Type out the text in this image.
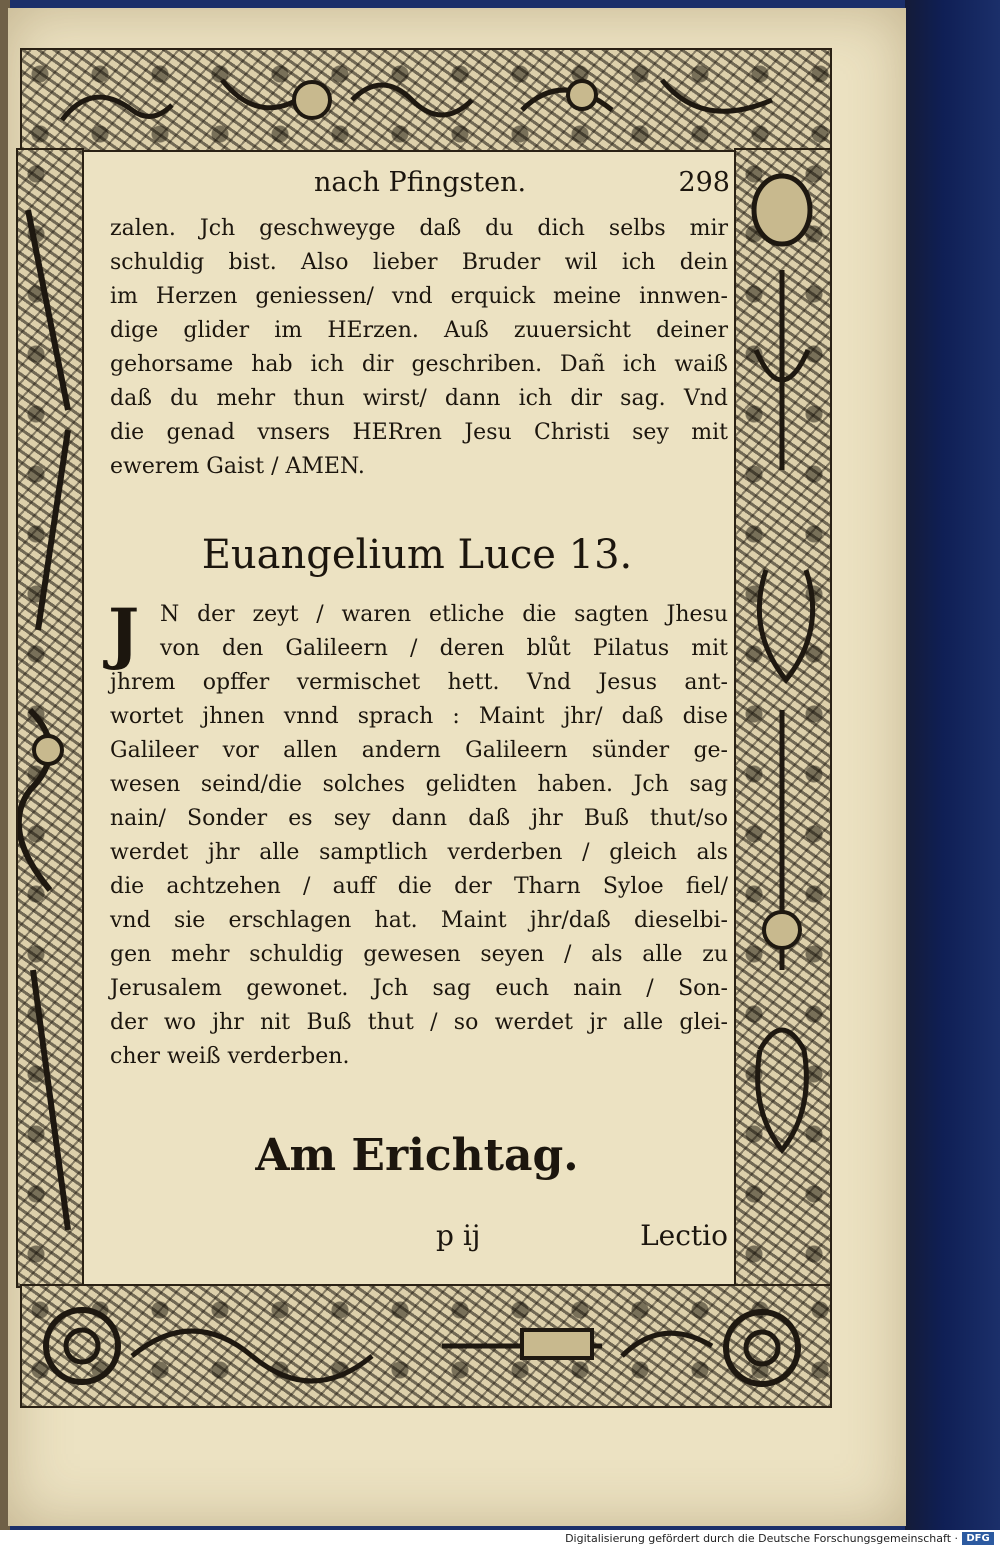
nach Pfingsten.	298
zalen. Jch geschweyge daß du dich selbs mir
schuldig bist. Also lieber Bruder wil ich dein
im Herzen geniessen/ vnd erquick meine innwen-
dige glider im HErzen. Auß zuuersicht deiner
gehorsame hab ich dir geschriben. Dañ ich waiß
daß du mehr thun wirst/ dann ich dir sag. Vnd
die genad vnsers HERren Jesu Christi sey mit
ewerem Gaist / AMEN.
Euangelium Luce 13.
J N der zeyt / waren etliche die sagten Jhesu
von den Galileern / deren blůt Pilatus mit
jhrem opffer vermischet hett. Vnd Jesus ant-
wortet jhnen vnnd sprach : Maint jhr/ daß dise
Galileer vor allen andern Galileern sünder ge-
wesen seind/die solches gelidten haben. Jch sag
nain/ Sonder es sey dann daß jhr Buß thut/so
werdet jhr alle samptlich verderben / gleich als
die achtzehen / auff die der Tharn Syloe fiel/
vnd sie erschlagen hat. Maint jhr/daß dieselbi-
gen mehr schuldig gewesen seyen / als alle zu
Jerusalem gewonet. Jch sag euch nain / Son-
der wo jhr nit Buß thut / so werdet jr alle glei-
cher weiß verderben.
Am Erichtag.
p ij	Lectio
Digitalisierung gefördert durch die Deutsche Forschungsgemeinschaft · DFG
